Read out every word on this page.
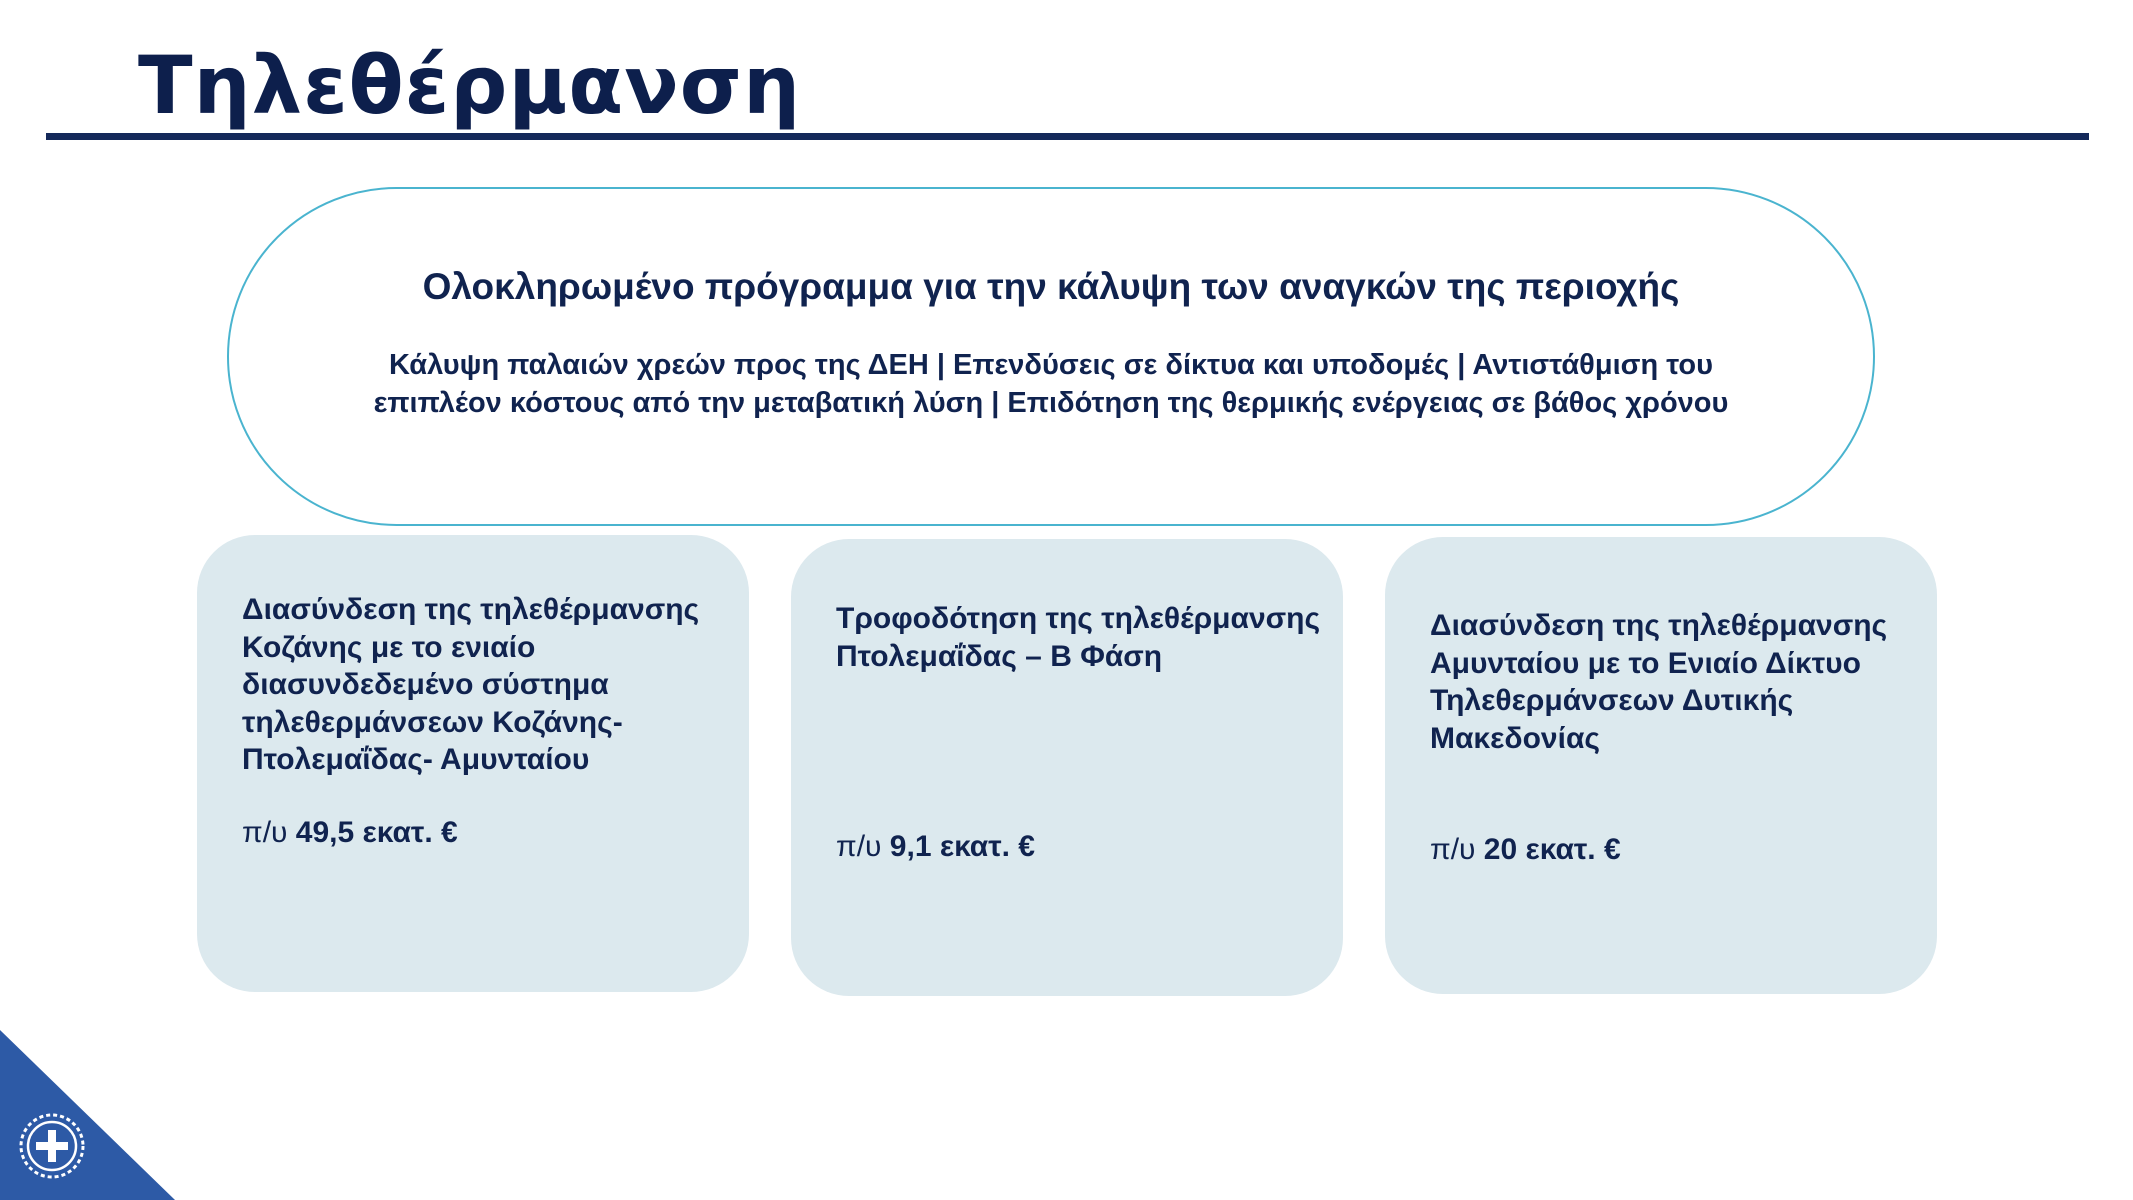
Τηλεθέρμανση

Ολοκληρωμένο πρόγραμμα για την κάλυψη των αναγκών της περιοχής

Κάλυψη παλαιών χρεών προς της ΔΕΗ | Επενδύσεις σε δίκτυα και υποδομές | Αντιστάθμιση του
επιπλέον κόστους από την μεταβατική λύση | Επιδότηση της θερμικής ενέργειας σε βάθος χρόνου

Διασύνδεση της τηλεθέρμανσης Κοζάνης με το ενιαίο διασυνδεδεμένο σύστημα τηλεθερμάνσεων Κοζάνης-Πτολεμαΐδας- Αμυνταίου

π/υ 49,5 εκατ. €

Τροφοδότηση της τηλεθέρμανσης Πτολεμαΐδας – Β Φάση

π/υ 9,1 εκατ. €

Διασύνδεση της τηλεθέρμανσης Αμυνταίου με το Ενιαίο Δίκτυο Τηλεθερμάνσεων Δυτικής Μακεδονίας

π/υ 20 εκατ. €
